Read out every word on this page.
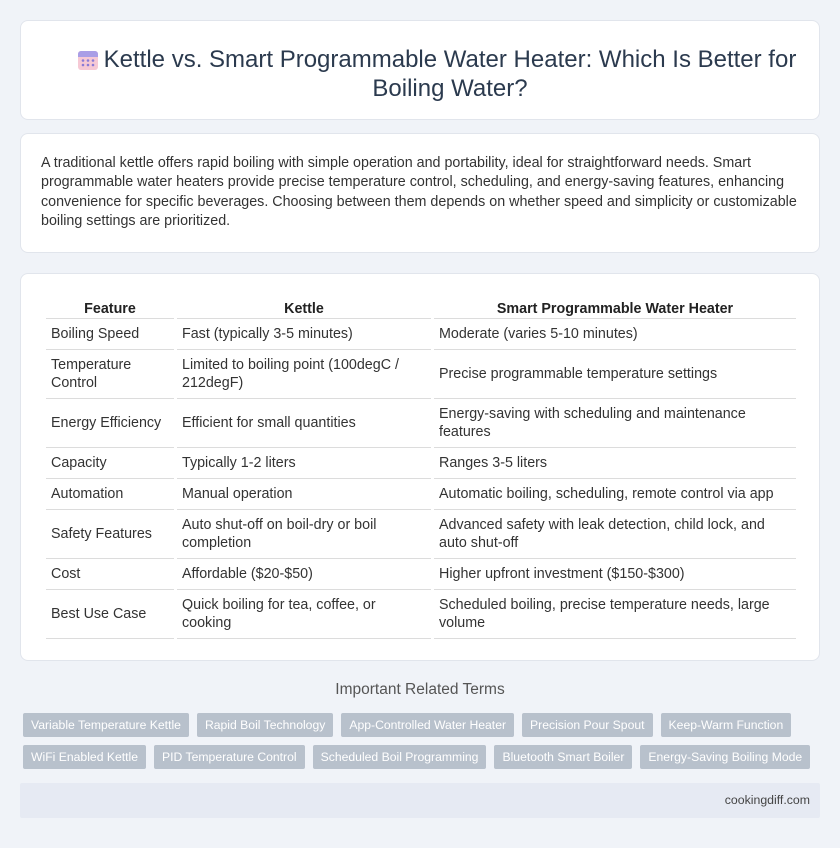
Kettle vs. Smart Programmable Water Heater: Which Is Better for Boiling Water?

A traditional kettle offers rapid boiling with simple operation and portability, ideal for straightforward needs. Smart programmable water heaters provide precise temperature control, scheduling, and energy-saving features, enhancing convenience for specific beverages. Choosing between them depends on whether speed and simplicity or customizable boiling settings are prioritized.

Feature	Kettle	Smart Programmable Water Heater
Boiling Speed	Fast (typically 3-5 minutes)	Moderate (varies 5-10 minutes)
Temperature Control	Limited to boiling point (100degC / 212degF)	Precise programmable temperature settings
Energy Efficiency	Efficient for small quantities	Energy-saving with scheduling and maintenance features
Capacity	Typically 1-2 liters	Ranges 3-5 liters
Automation	Manual operation	Automatic boiling, scheduling, remote control via app
Safety Features	Auto shut-off on boil-dry or boil completion	Advanced safety with leak detection, child lock, and auto shut-off
Cost	Affordable ($20-$50)	Higher upfront investment ($150-$300)
Best Use Case	Quick boiling for tea, coffee, or cooking	Scheduled boiling, precise temperature needs, large volume
Important Related Terms
Variable Temperature Kettle	Rapid Boil Technology	App-Controlled Water Heater	Precision Pour Spout	Keep-Warm Function
WiFi Enabled Kettle	PID Temperature Control	Scheduled Boil Programming	Bluetooth Smart Boiler	Energy-Saving Boiling Mode
cookingdiff.com
